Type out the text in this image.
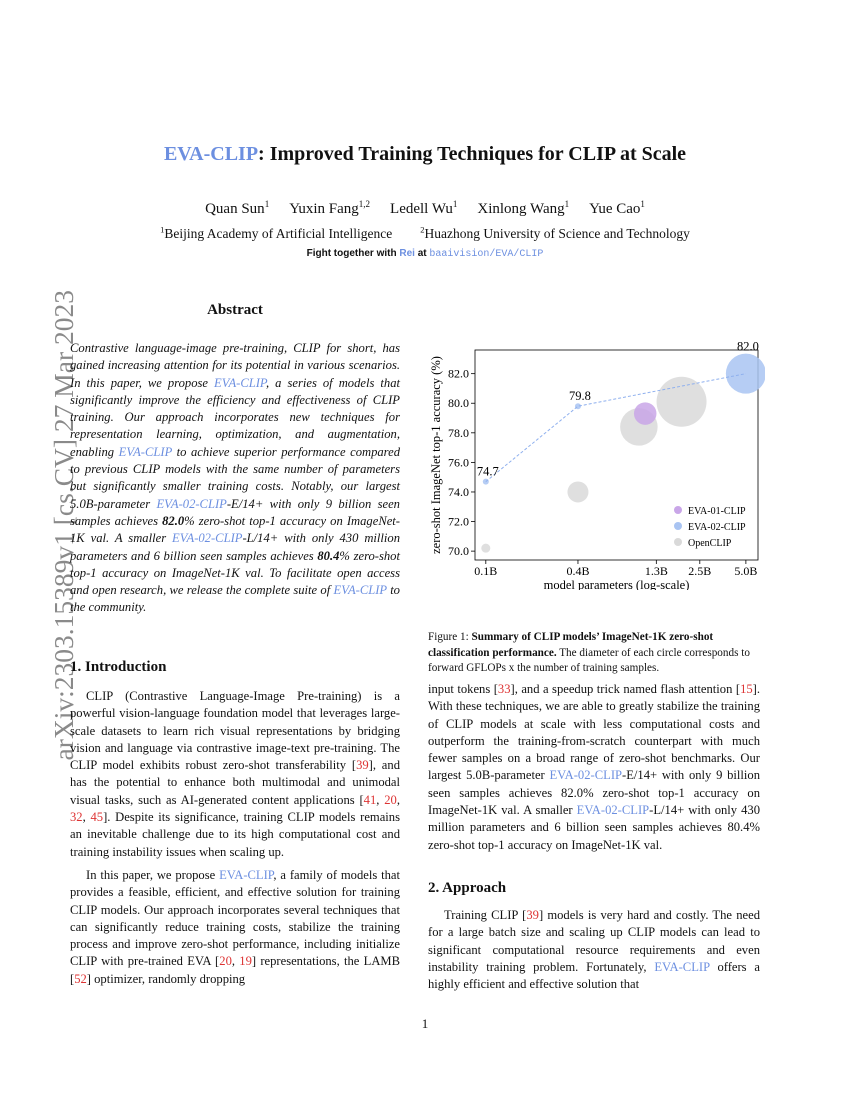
arXiv:2303.15389v1 [cs.CV] 27 Mar 2023
EVA-CLIP: Improved Training Techniques for CLIP at Scale
Quan Sun$^1$ Yuxin Fang$^{1,2}$ Ledell Wu$^1$ Xinlong Wang$^1$ Yue Cao$^1$
$^1$Beijing Academy of Artificial Intelligence	$^2$Huazhong University of Science and Technology
Fight together with Rei at baaivision/EVA/CLIP
Abstract

Contrastive language-image pre-training, CLIP for short, has gained increasing attention for its potential in various scenarios. In this paper, we propose EVA-CLIP, a series of models that significantly improve the efficiency and effectiveness of CLIP training. Our approach incorporates new techniques for representation learning, optimization, and augmentation, enabling EVA-CLIP to achieve superior performance compared to previous CLIP models with the same number of parameters but significantly smaller training costs. Notably, our largest 5.0B-parameter EVA-02-CLIP-E/14+ with only 9 billion seen samples achieves 82.0% zero-shot top-1 accuracy on ImageNet-1K val. A smaller EVA-02-CLIP-L/14+ with only 430 million parameters and 6 billion seen samples achieves 80.4% zero-shot top-1 accuracy on ImageNet-1K val. To facilitate open access and open research, we release the complete suite of EVA-CLIP to the community.

1. Introduction

CLIP (Contrastive Language-Image Pre-training) is a powerful vision-language foundation model that leverages large-scale datasets to learn rich visual representations by bridging vision and language via contrastive image-text pre-training. The CLIP model exhibits robust zero-shot transferability [39], and has the potential to enhance both multimodal and unimodal visual tasks, such as AI-generated content applications [41, 20, 32, 45]. Despite its significance, training CLIP models remains an inevitable challenge due to its high computational cost and training instability issues when scaling up.

In this paper, we propose EVA-CLIP, a family of models that provides a feasible, efficient, and effective solution for training CLIP models. Our approach incorporates several techniques that can significantly reduce training costs, stabilize the training process and improve zero-shot performance, including initialize CLIP with pre-trained EVA [20, 19] representations, the LAMB [52] optimizer, randomly dropping

70.0
72.0
74.0
76.0
78.0
80.0
82.0
0.1B	0.4B	1.3B 2.5B 5.0B
model parameters (log-scale)
zero-shot ImageNet top-1 accuracy (%)	74.7
79.8
82.0
EVA-01-CLIP
EVA-02-CLIP
OpenCLIP
Figure 1: Summary of CLIP models’ ImageNet-1K zero-shot classification performance. The diameter of each circle corresponds to forward GFLOPs x the number of training samples.

input tokens [33], and a speedup trick named flash attention [15]. With these techniques, we are able to greatly stabilize the training of CLIP models at scale with less computational costs and outperform the training-from-scratch counterpart with much fewer samples on a broad range of zero-shot benchmarks. Our largest 5.0B-parameter EVA-02-CLIP-E/14+ with only 9 billion seen samples achieves 82.0% zero-shot top-1 accuracy on ImageNet-1K val. A smaller EVA-02-CLIP-L/14+ with only 430 million parameters and 6 billion seen samples achieves 80.4% zero-shot top-1 accuracy on ImageNet-1K val.

2. Approach

Training CLIP [39] models is very hard and costly. The need for a large batch size and scaling up CLIP models can lead to significant computational resource requirements and even instability training problem. Fortunately, EVA-CLIP offers a highly efficient and effective solution that

1
